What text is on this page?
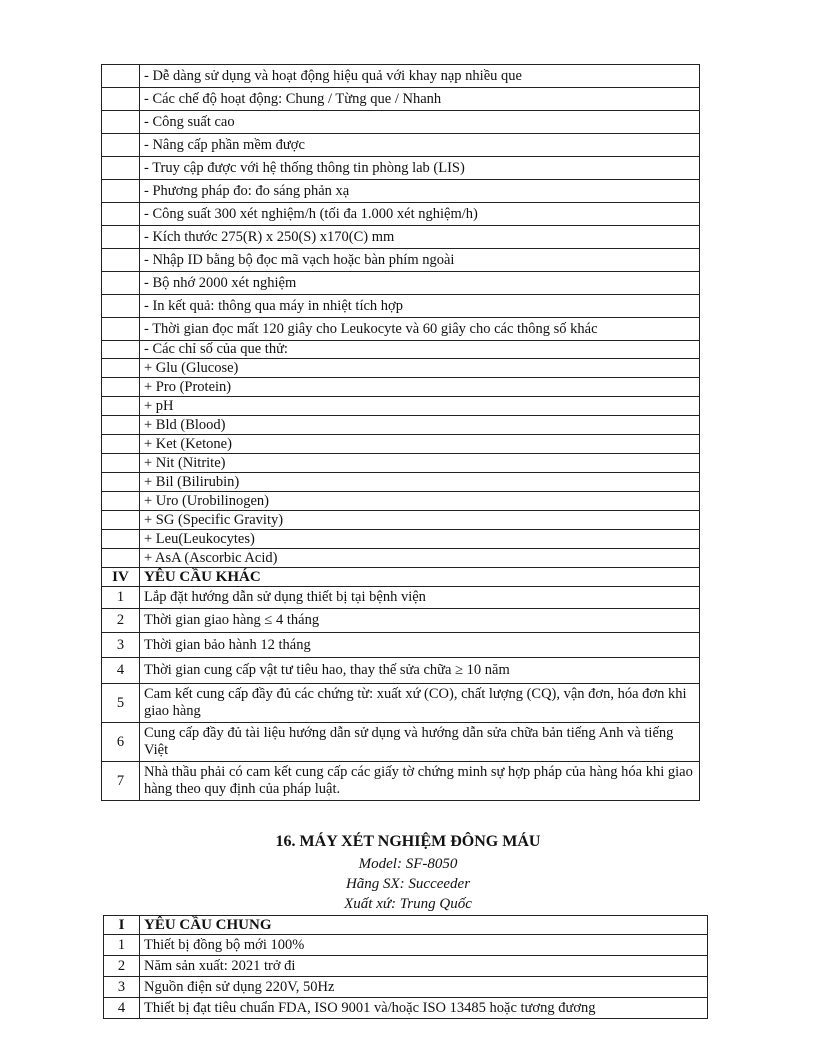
	- Dễ dàng sử dụng và hoạt động hiệu quả với khay nạp nhiều que
	- Các chế độ hoạt động: Chung / Từng que / Nhanh
	- Công suất cao
	- Nâng cấp phần mềm được
	- Truy cập được với hệ thống thông tin phòng lab (LIS)
	- Phương pháp đo: đo sáng phản xạ
	- Công suất 300 xét nghiệm/h (tối đa 1.000 xét nghiệm/h)
	- Kích thước 275(R) x 250(S) x170(C) mm
	- Nhập ID bằng bộ đọc mã vạch hoặc bàn phím ngoài
	- Bộ nhớ 2000 xét nghiệm
	- In kết quả: thông qua máy in nhiệt tích hợp
	- Thời gian đọc mất 120 giây cho Leukocyte và 60 giây cho các thông số khác
	- Các chỉ số của que thử:
	+ Glu (Glucose)
	+ Pro (Protein)
	+ pH
	+ Bld (Blood)
	+ Ket (Ketone)
	+ Nit (Nitrite)
	+ Bil (Bilirubin)
	+ Uro (Urobilinogen)
	+ SG (Specific Gravity)
	+ Leu(Leukocytes)
	+ AsA (Ascorbic Acid)
IV	YÊU CẦU KHÁC
1	Lắp đặt hướng dẫn sử dụng thiết bị tại bệnh viện
2	Thời gian giao hàng ≤ 4 tháng
3	Thời gian bảo hành 12 tháng
4	Thời gian cung cấp vật tư tiêu hao, thay thế sửa chữa ≥ 10 năm
5	Cam kết cung cấp đầy đủ các chứng từ: xuất xứ (CO), chất lượng (CQ), vận đơn, hóa đơn khi giao hàng
6	Cung cấp đầy đủ tài liệu hướng dẫn sử dụng và hướng dẫn sửa chữa bản tiếng Anh và tiếng Việt
7	Nhà thầu phải có cam kết cung cấp các giấy tờ chứng minh sự hợp pháp của hàng hóa khi giao hàng theo quy định của pháp luật.
16. MÁY XÉT NGHIỆM ĐÔNG MÁU
Model: SF-8050
Hãng SX: Succeeder
Xuất xứ: Trung Quốc
I	YÊU CẦU CHUNG
1	Thiết bị đồng bộ mới 100%
2	Năm sản xuất: 2021 trở đi
3	Nguồn điện sử dụng 220V, 50Hz
4	Thiết bị đạt tiêu chuẩn FDA, ISO 9001 và/hoặc ISO 13485 hoặc tương đương
